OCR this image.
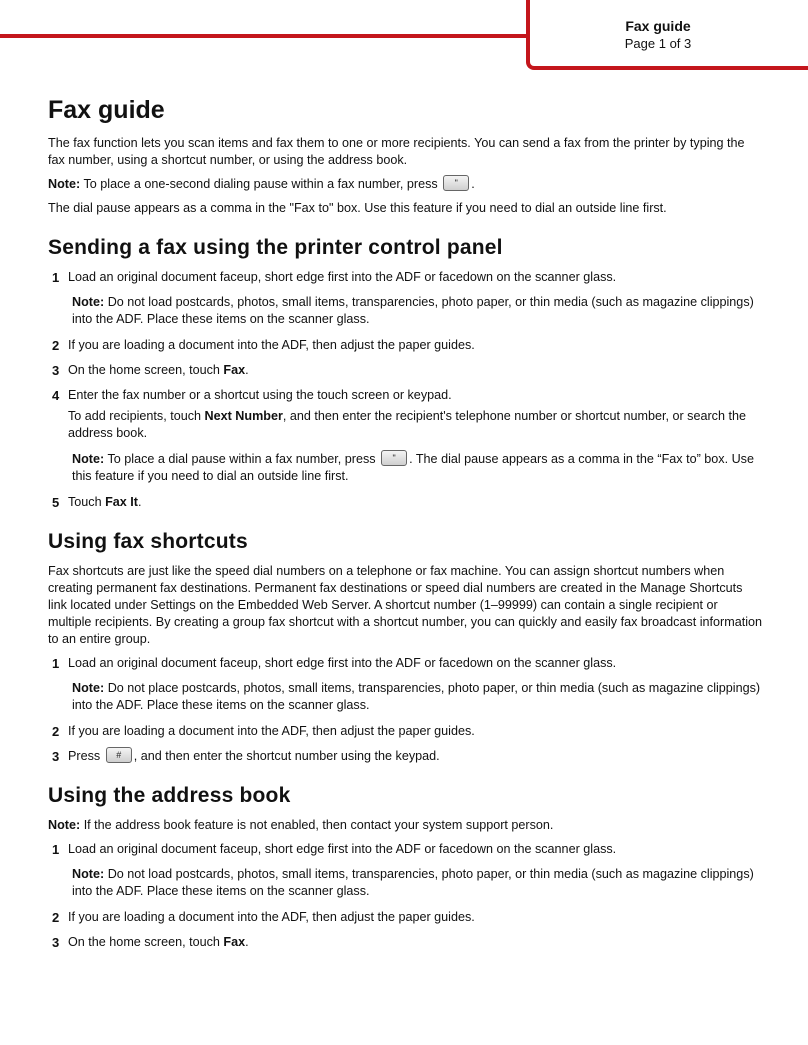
Fax guide
Page 1 of 3
Fax guide

The fax function lets you scan items and fax them to one or more recipients. You can send a fax from the printer by typing the fax number, using a shortcut number, or using the address book.

Note: To place a one-second dialing pause within a fax number, press " .

The dial pause appears as a comma in the "Fax to" box. Use this feature if you need to dial an outside line first.

Sending a fax using the printer control panel
1 Load an original document faceup, short edge first into the ADF or facedown on the scanner glass.
Note: Do not load postcards, photos, small items, transparencies, photo paper, or thin media (such as magazine clippings) into the ADF. Place these items on the scanner glass.
2 If you are loading a document into the ADF, then adjust the paper guides.
3 On the home screen, touch Fax.
4 Enter the fax number or a shortcut using the touch screen or keypad.
To add recipients, touch Next Number, and then enter the recipient's telephone number or shortcut number, or search the address book.
Note: To place a dial pause within a fax number, press " . The dial pause appears as a comma in the “Fax to” box. Use this feature if you need to dial an outside line first.
5 Touch Fax It.
Using fax shortcuts

Fax shortcuts are just like the speed dial numbers on a telephone or fax machine. You can assign shortcut numbers when creating permanent fax destinations. Permanent fax destinations or speed dial numbers are created in the Manage Shortcuts link located under Settings on the Embedded Web Server. A shortcut number (1–99999) can contain a single recipient or multiple recipients. By creating a group fax shortcut with a shortcut number, you can quickly and easily fax broadcast information to an entire group.

1 Load an original document faceup, short edge first into the ADF or facedown on the scanner glass.
Note: Do not place postcards, photos, small items, transparencies, photo paper, or thin media (such as magazine clippings) into the ADF. Place these items on the scanner glass.
2 If you are loading a document into the ADF, then adjust the paper guides.
3 Press # , and then enter the shortcut number using the keypad.
Using the address book

Note: If the address book feature is not enabled, then contact your system support person.

1 Load an original document faceup, short edge first into the ADF or facedown on the scanner glass.
Note: Do not load postcards, photos, small items, transparencies, photo paper, or thin media (such as magazine clippings) into the ADF. Place these items on the scanner glass.
2 If you are loading a document into the ADF, then adjust the paper guides.
3 On the home screen, touch Fax.
